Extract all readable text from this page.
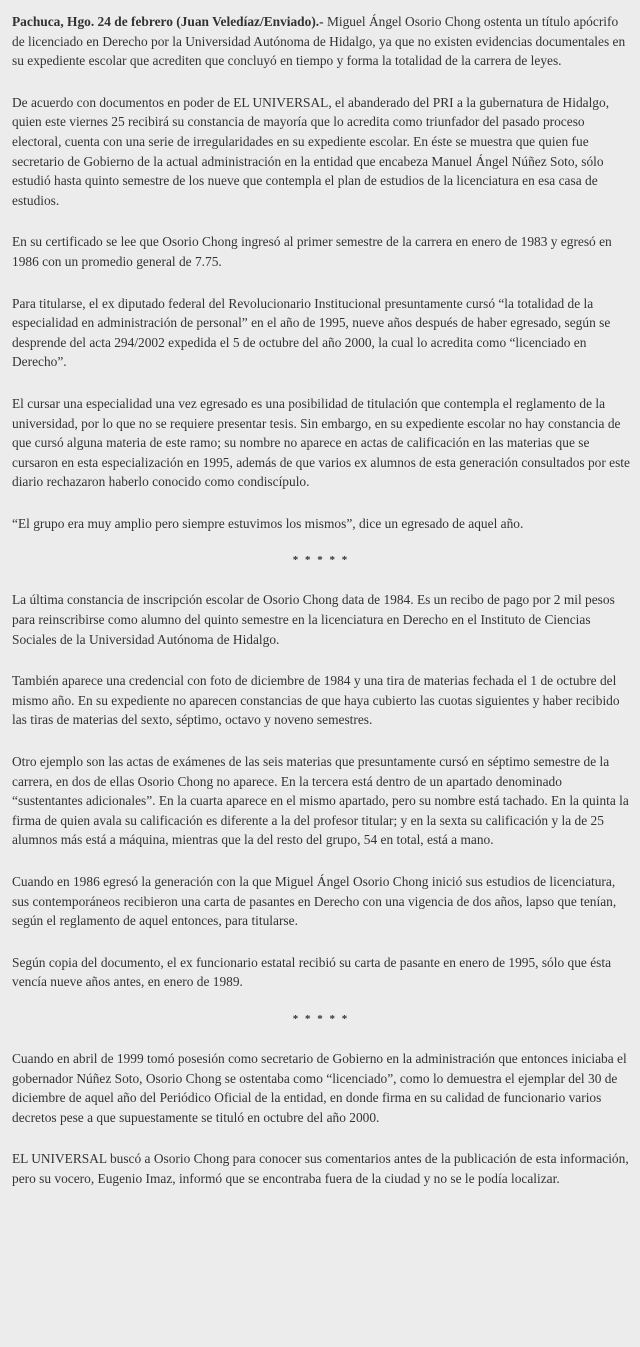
Pachuca, Hgo. 24 de febrero (Juan Veledíaz/Enviado).- Miguel Ángel Osorio Chong ostenta un título apócrifo de licenciado en Derecho por la Universidad Autónoma de Hidalgo, ya que no existen evidencias documentales en su expediente escolar que acrediten que concluyó en tiempo y forma la totalidad de la carrera de leyes.

De acuerdo con documentos en poder de EL UNIVERSAL, el abanderado del PRI a la gubernatura de Hidalgo, quien este viernes 25 recibirá su constancia de mayoría que lo acredita como triunfador del pasado proceso electoral, cuenta con una serie de irregularidades en su expediente escolar. En éste se muestra que quien fue secretario de Gobierno de la actual administración en la entidad que encabeza Manuel Ángel Núñez Soto, sólo estudió hasta quinto semestre de los nueve que contempla el plan de estudios de la licenciatura en esa casa de estudios.

En su certificado se lee que Osorio Chong ingresó al primer semestre de la carrera en enero de 1983 y egresó en 1986 con un promedio general de 7.75.

Para titularse, el ex diputado federal del Revolucionario Institucional presuntamente cursó “la totalidad de la especialidad en administración de personal” en el año de 1995, nueve años después de haber egresado, según se desprende del acta 294/2002 expedida el 5 de octubre del año 2000, la cual lo acredita como “licenciado en Derecho”.

El cursar una especialidad una vez egresado es una posibilidad de titulación que contempla el reglamento de la universidad, por lo que no se requiere presentar tesis. Sin embargo, en su expediente escolar no hay constancia de que cursó alguna materia de este ramo; su nombre no aparece en actas de calificación en las materias que se cursaron en esta especialización en 1995, además de que varios ex alumnos de esta generación consultados por este diario rechazaron haberlo conocido como condiscípulo.

“El grupo era muy amplio pero siempre estuvimos los mismos”, dice un egresado de aquel año.

* * * * *

La última constancia de inscripción escolar de Osorio Chong data de 1984. Es un recibo de pago por 2 mil pesos para reinscribirse como alumno del quinto semestre en la licenciatura en Derecho en el Instituto de Ciencias Sociales de la Universidad Autónoma de Hidalgo.

También aparece una credencial con foto de diciembre de 1984 y una tira de materias fechada el 1 de octubre del mismo año. En su expediente no aparecen constancias de que haya cubierto las cuotas siguientes y haber recibido las tiras de materias del sexto, séptimo, octavo y noveno semestres.

Otro ejemplo son las actas de exámenes de las seis materias que presuntamente cursó en séptimo semestre de la carrera, en dos de ellas Osorio Chong no aparece. En la tercera está dentro de un apartado denominado “sustentantes adicionales”. En la cuarta aparece en el mismo apartado, pero su nombre está tachado. En la quinta la firma de quien avala su calificación es diferente a la del profesor titular; y en la sexta su calificación y la de 25 alumnos más está a máquina, mientras que la del resto del grupo, 54 en total, está a mano.

Cuando en 1986 egresó la generación con la que Miguel Ángel Osorio Chong inició sus estudios de licenciatura, sus contemporáneos recibieron una carta de pasantes en Derecho con una vigencia de dos años, lapso que tenían, según el reglamento de aquel entonces, para titularse.

Según copia del documento, el ex funcionario estatal recibió su carta de pasante en enero de 1995, sólo que ésta vencía nueve años antes, en enero de 1989.

* * * * *

Cuando en abril de 1999 tomó posesión como secretario de Gobierno en la administración que entonces iniciaba el gobernador Núñez Soto, Osorio Chong se ostentaba como “licenciado”, como lo demuestra el ejemplar del 30 de diciembre de aquel año del Periódico Oficial de la entidad, en donde firma en su calidad de funcionario varios decretos pese a que supuestamente se tituló en octubre del año 2000.

EL UNIVERSAL buscó a Osorio Chong para conocer sus comentarios antes de la publicación de esta información, pero su vocero, Eugenio Imaz, informó que se encontraba fuera de la ciudad y no se le podía localizar.
